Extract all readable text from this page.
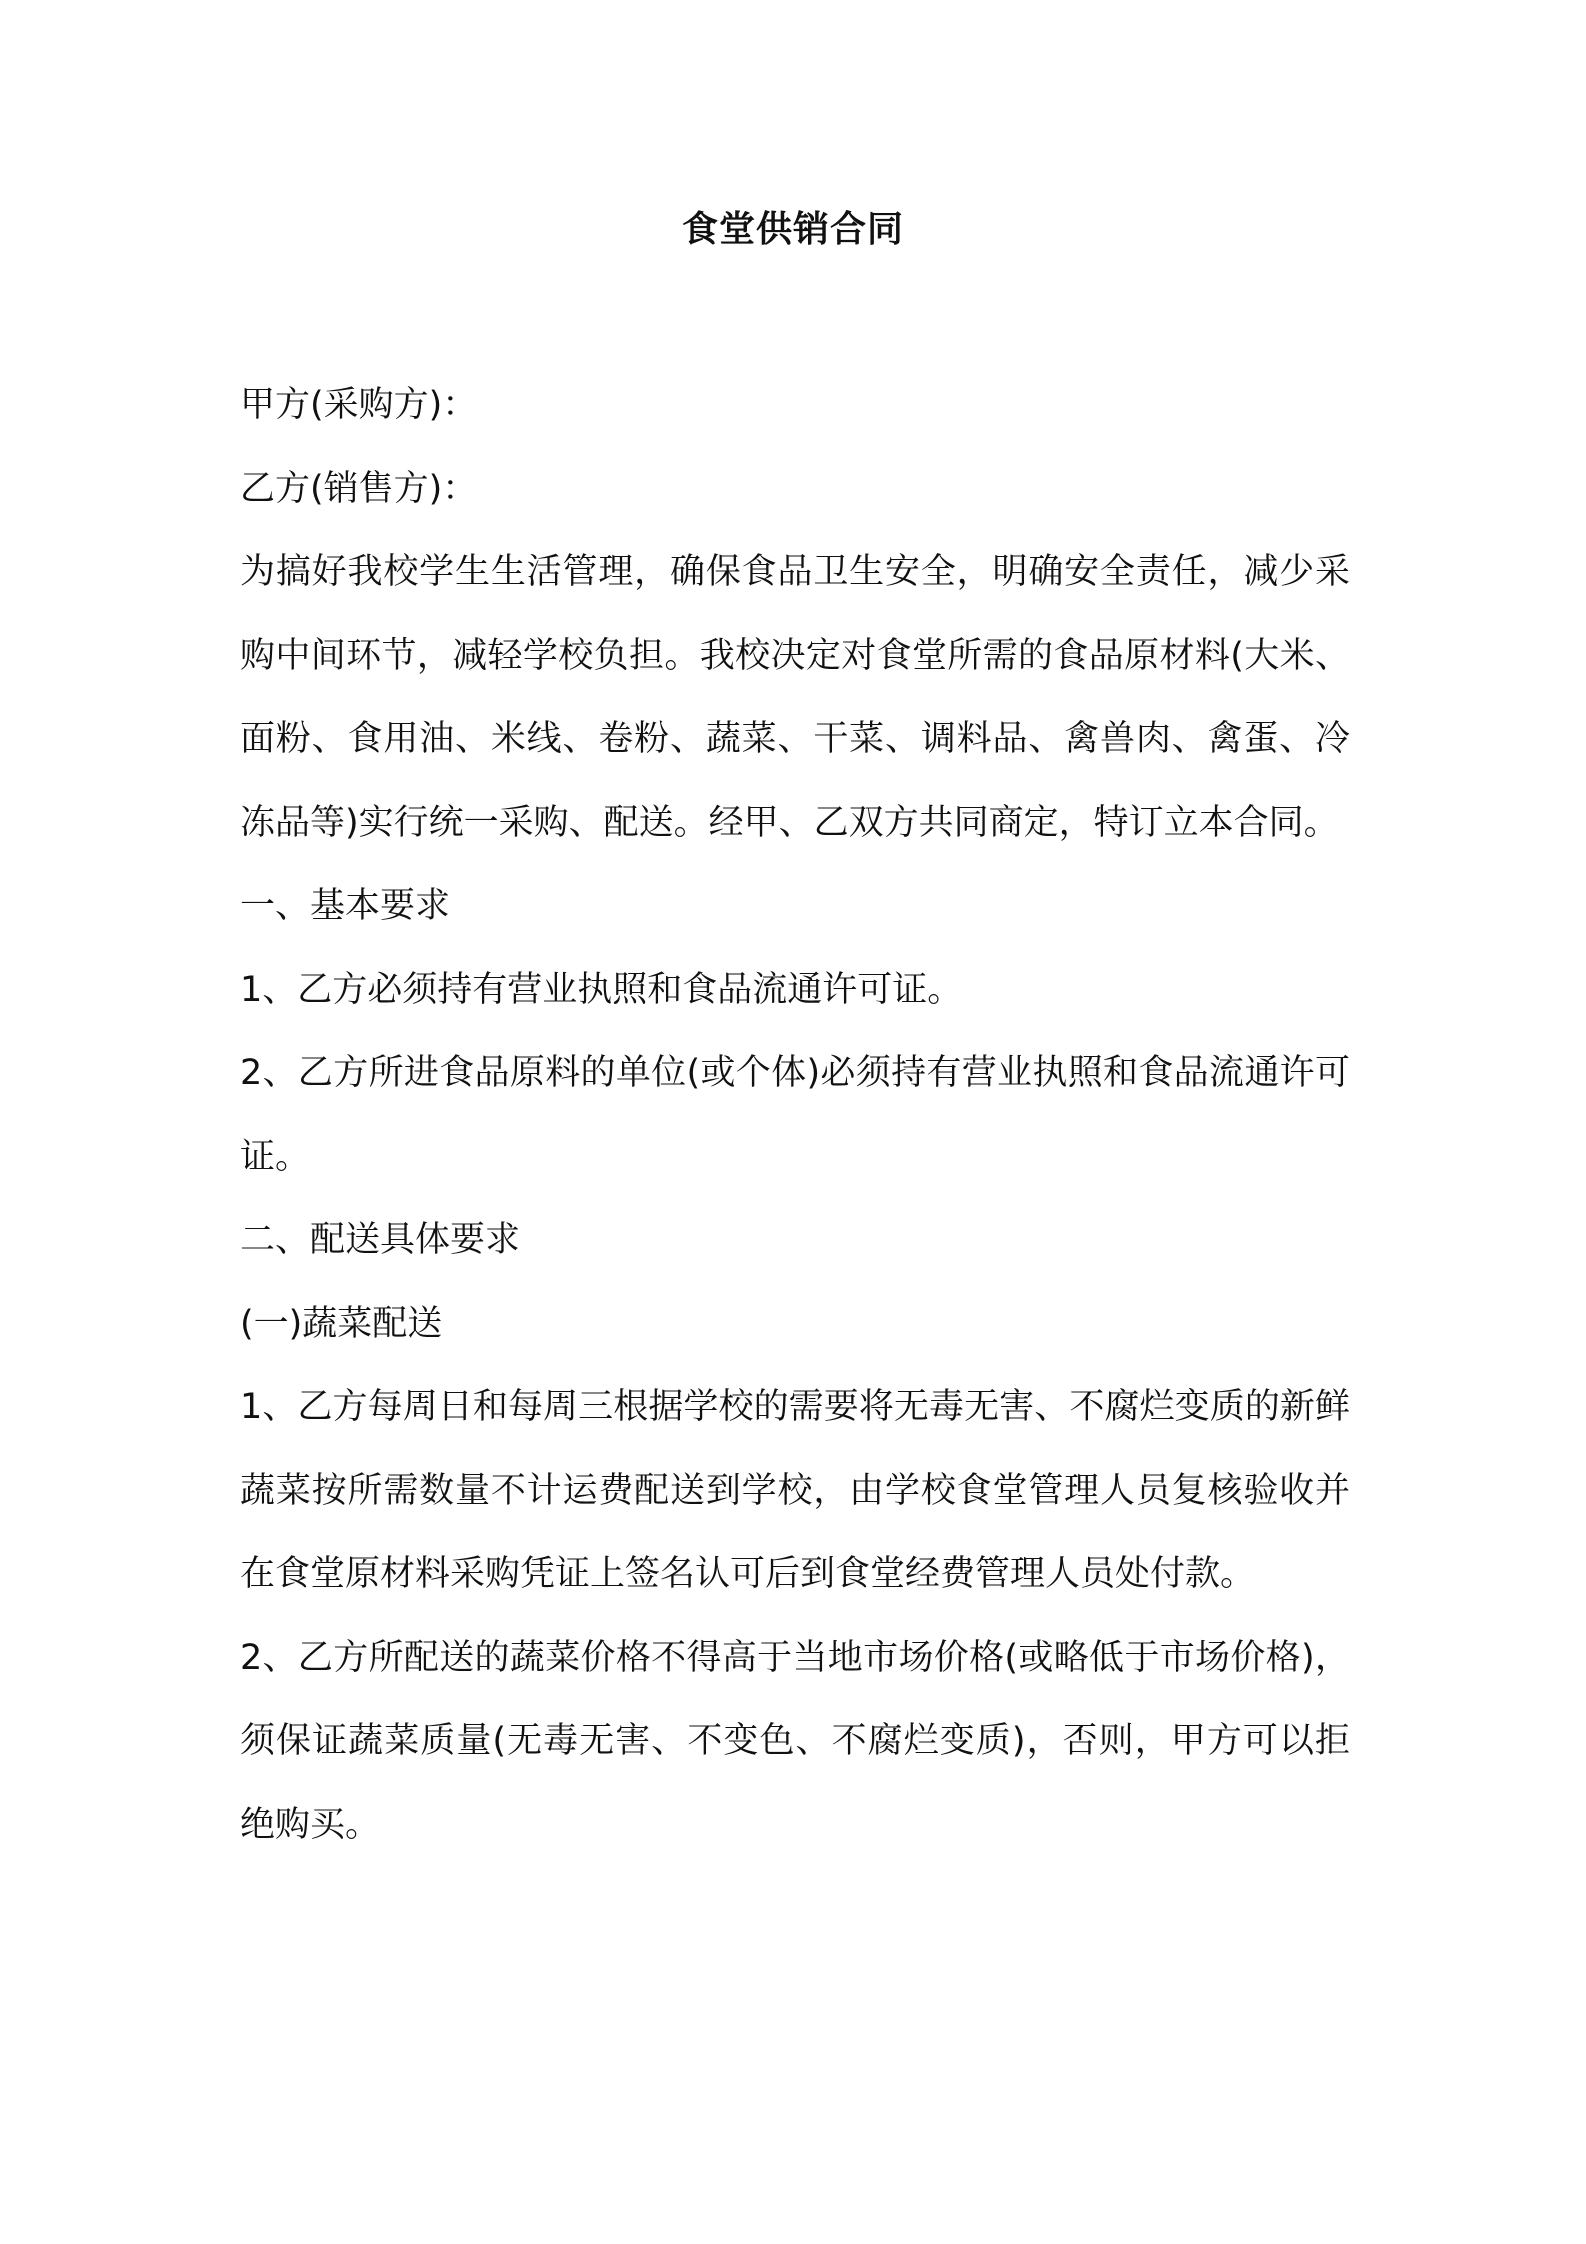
食堂供销合同

甲方(采购方)：

乙方(销售方)：

为搞好我校学生生活管理，确保食品卫生安全，明确安全责任，减少采购中间环节，减轻学校负担。我校决定对食堂所需的食品原材料(大米、面粉、食用油、米线、卷粉、蔬菜、干菜、调料品、禽兽肉、禽蛋、冷冻品等)实行统一采购、配送。经甲、乙双方共同商定，特订立本合同。

一、基本要求

1、乙方必须持有营业执照和食品流通许可证。

2、乙方所进食品原料的单位(或个体)必须持有营业执照和食品流通许可证。

二、配送具体要求

(一)蔬菜配送

1、乙方每周日和每周三根据学校的需要将无毒无害、不腐烂变质的新鲜蔬菜按所需数量不计运费配送到学校，由学校食堂管理人员复核验收并在食堂原材料采购凭证上签名认可后到食堂经费管理人员处付款。

2、乙方所配送的蔬菜价格不得高于当地市场价格(或略低于市场价格)，须保证蔬菜质量(无毒无害、不变色、不腐烂变质)，否则，甲方可以拒绝购买。
